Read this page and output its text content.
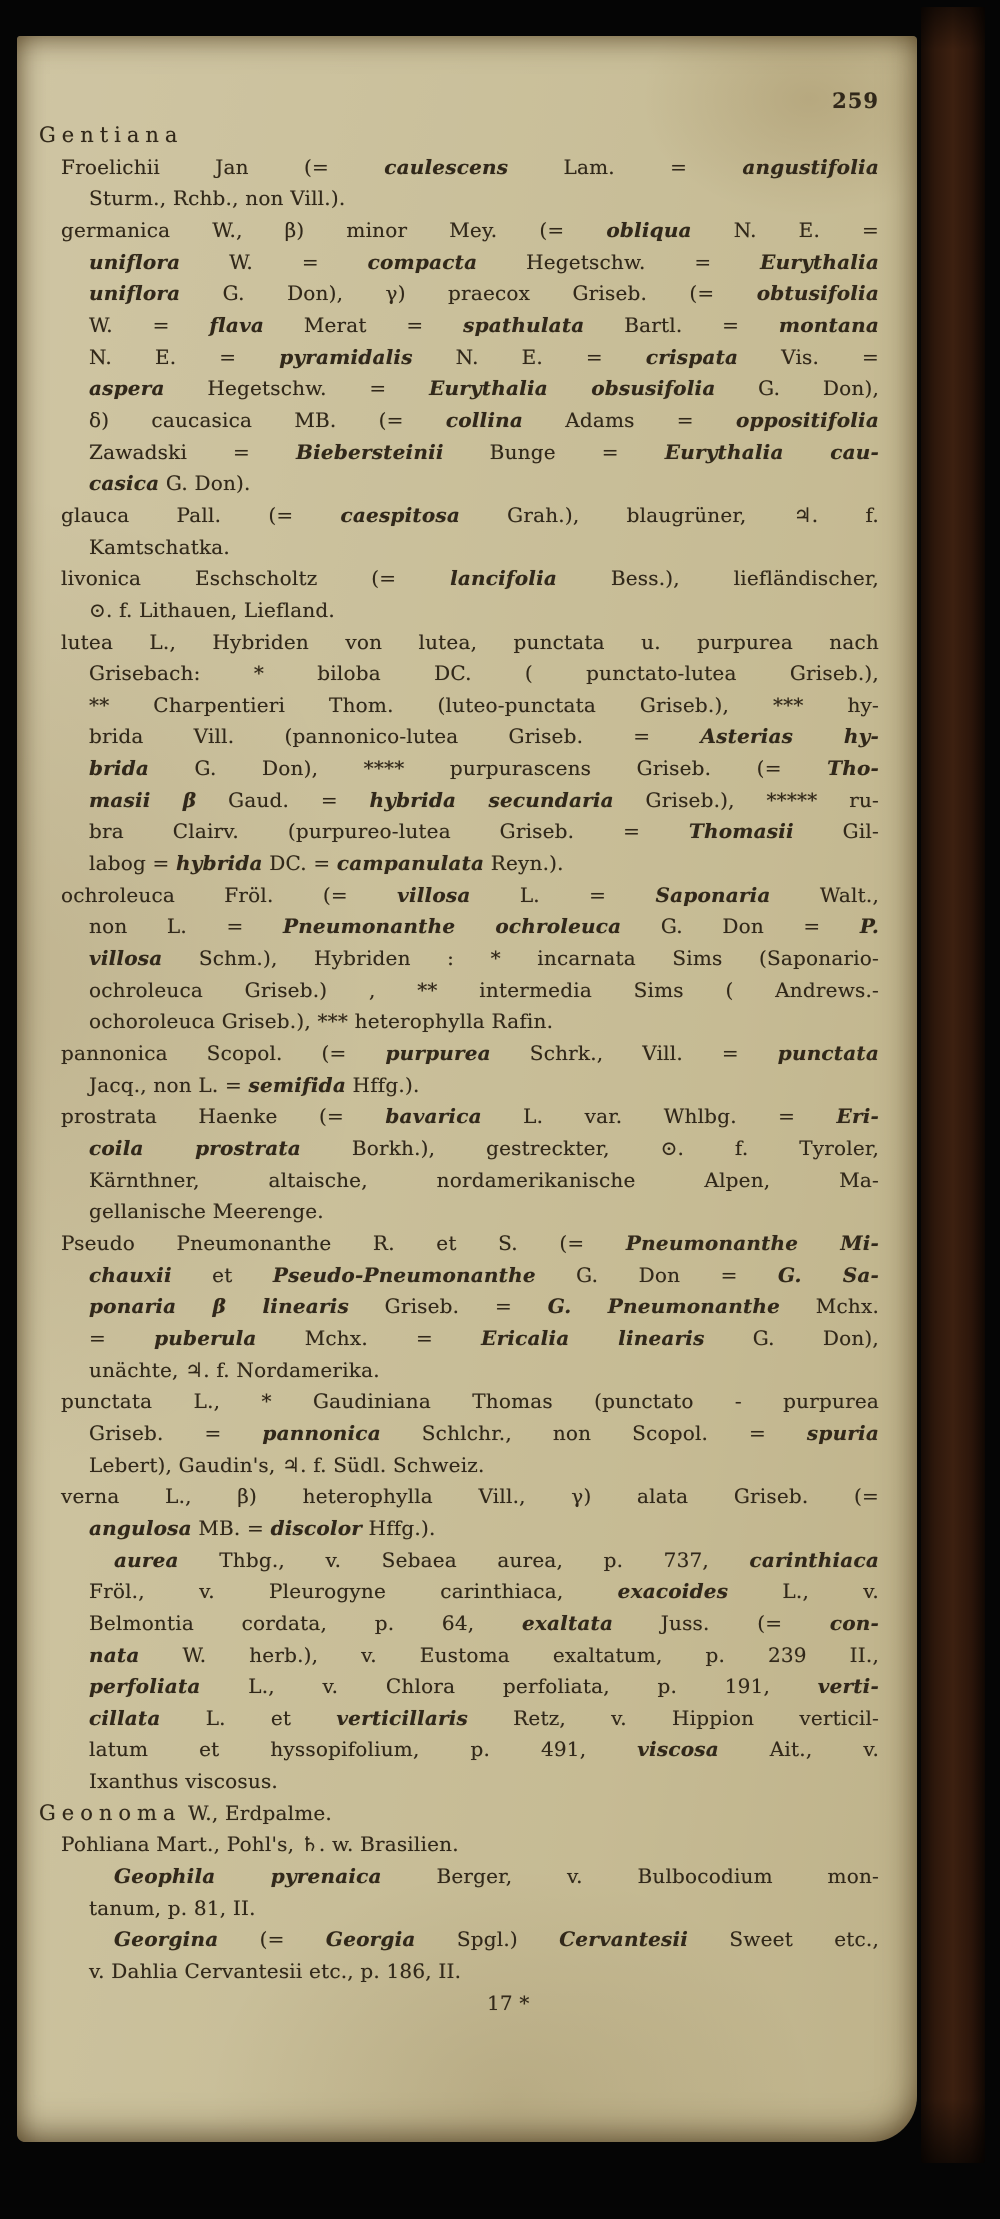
259
Gentiana
Froelichii Jan (= caulescens Lam. = angustifolia
Sturm., Rchb., non Vill.).
germanica W., β) minor Mey. (= obliqua N. E. =
uniflora W. = compacta Hegetschw. = Eurythalia
uniflora G. Don), γ) praecox Griseb. (= obtusifolia
W. = flava Merat = spathulata Bartl. = montana
N. E. = pyramidalis N. E. = crispata Vis. =
aspera Hegetschw. = Eurythalia obsusifolia G. Don),
δ) caucasica MB. (= collina Adams = oppositifolia
Zawadski = Biebersteinii Bunge = Eurythalia cau-
casica G. Don).
glauca Pall. (= caespitosa Grah.), blaugrüner, ♃. f.
Kamtschatka.
livonica Eschscholtz (= lancifolia Bess.), liefländischer,
⊙. f. Lithauen, Liefland.
lutea L., Hybriden von lutea, punctata u. purpurea nach
Grisebach: * biloba DC. ( punctato-lutea Griseb.),
** Charpentieri Thom. (luteo-punctata Griseb.), *** hy-
brida Vill. (pannonico-lutea Griseb. = Asterias hy-
brida G. Don), **** purpurascens Griseb. (= Tho-
masii β Gaud. = hybrida secundaria Griseb.), ***** ru-
bra Clairv. (purpureo-lutea Griseb. = Thomasii Gil-
labog = hybrida DC. = campanulata Reyn.).
ochroleuca Fröl. (= villosa L. = Saponaria Walt.,
non L. = Pneumonanthe ochroleuca G. Don = P.
villosa Schm.), Hybriden : * incarnata Sims (Saponario-
ochroleuca Griseb.) , ** intermedia Sims ( Andrews.-
ochoroleuca Griseb.), *** heterophylla Rafin.
pannonica Scopol. (= purpurea Schrk., Vill. = punctata
Jacq., non L. = semifida Hffg.).
prostrata Haenke (= bavarica L. var. Whlbg. = Eri-
coila prostrata Borkh.), gestreckter, ⊙. f. Tyroler,
Kärnthner, altaische, nordamerikanische Alpen, Ma-
gellanische Meerenge.
Pseudo Pneumonanthe R. et S. (= Pneumonanthe Mi-
chauxii et Pseudo-Pneumonanthe G. Don = G. Sa-
ponaria β linearis Griseb. = G. Pneumonanthe Mchx.
= puberula Mchx. = Ericalia linearis G. Don),
unächte, ♃. f. Nordamerika.
punctata L., * Gaudiniana Thomas (punctato - purpurea
Griseb. = pannonica Schlchr., non Scopol. = spuria
Lebert), Gaudin's, ♃. f. Südl. Schweiz.
verna L., β) heterophylla Vill., γ) alata Griseb. (=
angulosa MB. = discolor Hffg.).
aurea Thbg., v. Sebaea aurea, p. 737, carinthiaca
Fröl., v. Pleurogyne carinthiaca, exacoides L., v.
Belmontia cordata, p. 64, exaltata Juss. (= con-
nata W. herb.), v. Eustoma exaltatum, p. 239 II.,
perfoliata L., v. Chlora perfoliata, p. 191, verti-
cillata L. et verticillaris Retz, v. Hippion verticil-
latum et hyssopifolium, p. 491, viscosa Ait., v.
Ixanthus viscosus.
Geonoma W., Erdpalme.
Pohliana Mart., Pohl's, ♄. w. Brasilien.
Geophila pyrenaica Berger, v. Bulbocodium mon-
tanum, p. 81, II.
Georgina (= Georgia Spgl.) Cervantesii Sweet etc.,
v. Dahlia Cervantesii etc., p. 186, II.
17 *
